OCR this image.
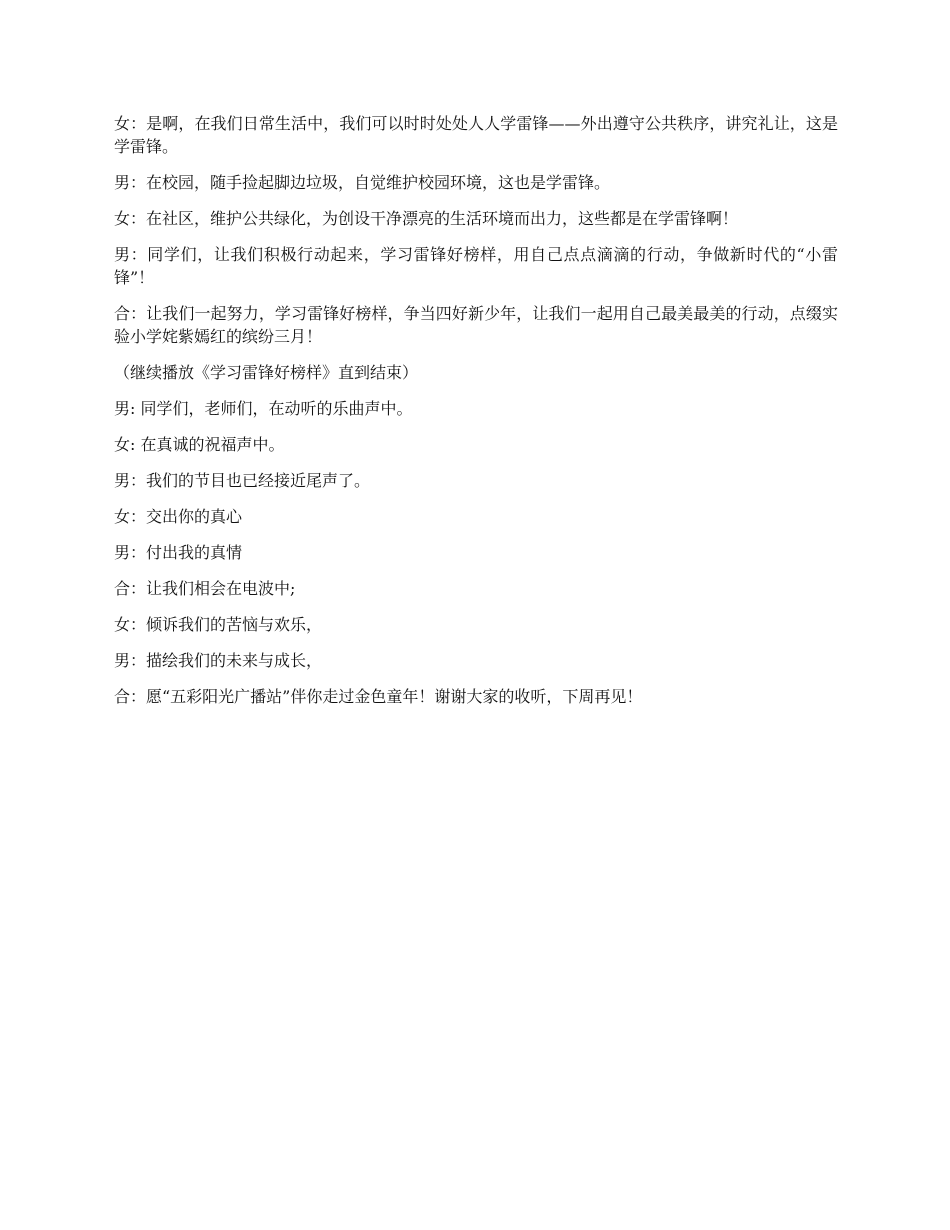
女：是啊，在我们日常生活中，我们可以时时处处人人学雷锋——外出遵守公共秩序，讲究礼让，这是学雷锋。

男：在校园，随手捡起脚边垃圾，自觉维护校园环境，这也是学雷锋。

女：在社区，维护公共绿化，为创设干净漂亮的生活环境而出力，这些都是在学雷锋啊！

男：同学们，让我们积极行动起来，学习雷锋好榜样，用自己点点滴滴的行动，争做新时代的“小雷锋”！

合：让我们一起努力，学习雷锋好榜样，争当四好新少年，让我们一起用自己最美最美的行动，点缀实验小学姹紫嫣红的缤纷三月！

（继续播放《学习雷锋好榜样》直到结束）

男: 同学们，老师们，在动听的乐曲声中。

女: 在真诚的祝福声中。

男：我们的节目也已经接近尾声了。

女：交出你的真心

男：付出我的真情

合：让我们相会在电波中;

女：倾诉我们的苦恼与欢乐，

男：描绘我们的未来与成长，

合：愿“五彩阳光广播站”伴你走过金色童年！谢谢大家的收听，下周再见！
